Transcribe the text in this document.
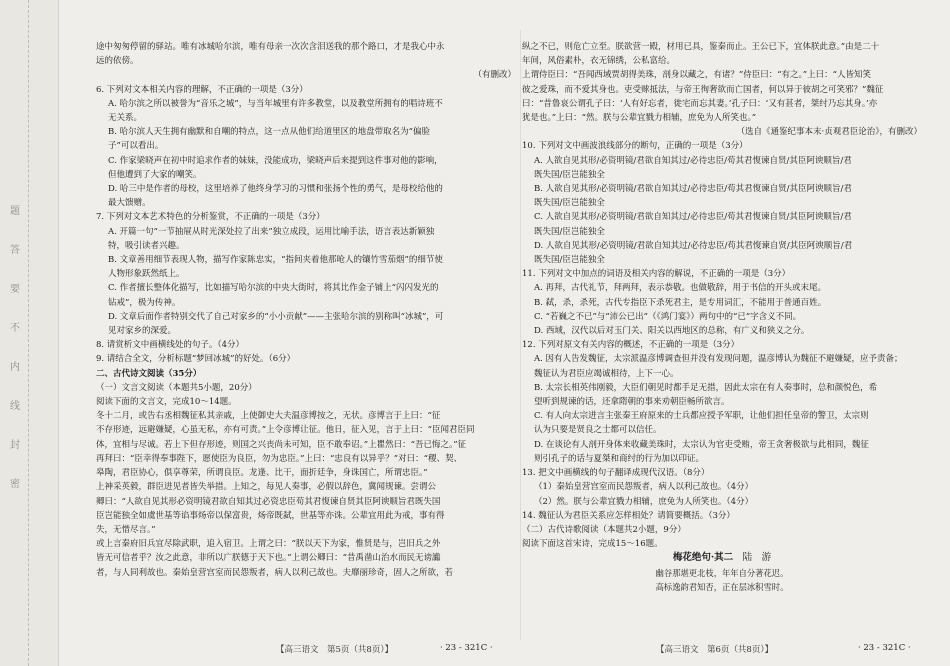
题
答
要
不
内
线
封
密

途中匆匆停留的驿站。唯有冰城哈尔滨，唯有母亲一次次含泪送我的那个路口，才是我心中永

远的依傍。

（有删改）

6. 下列对文本相关内容的理解，不正确的一项是（3分）

A. 哈尔滨之所以被誉为“音乐之城”，与当年城里有许多教堂，以及教堂所拥有的唱诗班不

无关系。

B. 哈尔滨人天生拥有幽默和自嘲的特点，这一点从他们给道里区的地盘带取名为“偏脸

子”可以看出。

C. 作家梁晓声在初中时追求作者的妹妹，没能成功，梁晓声后来提到这件事对他的影响，

但他遭到了大家的嘲笑。

D. 哈三中是作者的母校，这里培养了他终身学习的习惯和张扬个性的勇气，是母校给他的

最大馈赠。

7. 下列对文本艺术特色的分析鉴赏，不正确的一项是（3分）

A. 开篇一句“一节抽屉从时光深处拉了出来”独立成段，运用比喻手法，语言表达新颖独

特，吸引读者兴趣。

B. 文章善用细节表现人物，描写作家陈忠实，“指间夹着他那呛人的镶竹雪茄烟”的细节使

人物形象跃然纸上。

C. 作者擅长整体化描写，比如描写哈尔滨的中央大街时，将其比作金子铺上“闪闪发光的

钻戒”，极为传神。

D. 文章后面作者特别交代了自己对家乡的“小小贡献”——主张哈尔滨的别称叫“冰城”，可

见对家乡的深爱。

8. 请赏析文中画横线处的句子。（4分）

9. 请结合全文，分析标题“梦回冰城”的好处。（6分）

二、古代诗文阅读（35分）

（一）文言文阅读（本题共5小题，20分）

阅读下面的文言文，完成10～14题。

冬十二月，或告右丞相魏征私其亲戚，上使御史大夫温彦博按之，无状。彦博言于上曰：“征

不存形迹，远避嫌疑，心虽无私，亦有可责。”上令彦博让征。他日，征入见，言于上曰：“臣闻君臣同

体，宜相与尽诚。若上下但存形迹，则国之兴丧尚未可知，臣不敢奉诏。”上瞿然曰：“吾已悔之。”征

再拜曰：“臣幸得奉事陛下，愿使臣为良臣，勿为忠臣。”上曰：“忠良有以异乎？”对曰：“稷、契、

皋陶，君臣协心，俱享尊荣，所谓良臣。龙逢、比干，面折廷争，身诛国亡，所谓忠臣。”

上神采英毅，群臣进见者皆失举措。上知之，每见人奏事，必假以辞色，冀闻规谏。尝谓公

卿曰：“人欲自见其形必资明镜君欲自知其过必资忠臣苟其君愎谏自贤其臣阿谀顺旨君既失国

臣岂能独全如虞世基等谄事炀帝以保富贵，炀帝既弑，世基等亦诛。公辈宜用此为戒，事有得

失，无惜尽言。”

或上言秦府旧兵宜尽除武职，追入宿卫。上谓之曰：“朕以天下为家，惟贤是与，岂旧兵之外

皆无可信者乎？汝之此意，非所以广朕德于天下也。”上谓公卿曰：“昔禹凿山治水而民无谤讟

者，与人同利故也。秦始皇营宫室而民怨叛者，病人以利己故也。夫靡丽珍奇，固人之所欲，若

纵之不已，则危亡立至。朕欲营一殿，材用已具，鉴秦而止。王公已下，宜体朕此意。”由是二十

年间，风俗素朴，衣无锦绣，公私富给。

上谓侍臣曰：“吾闻西域贾胡得美珠，剖身以藏之，有诸？”侍臣曰：“有之。”上曰：“人皆知笑

彼之爱珠，而不爱其身也。吏受赇抵法，与帝王徇奢欲而亡国者，何以异于彼胡之可笑邪？”魏征

曰：“昔鲁哀公谓孔子曰：‘人有好忘者，徙宅而忘其妻。’孔子曰：‘又有甚者，桀纣乃忘其身。’亦

犹是也。”上曰：“然。朕与公辈宜戮力相辅，庶免为人所笑也。”

（选自《通鉴纪事本末·贞观君臣论治》，有删改）

10. 下列对文中画波浪线部分的断句，正确的一项是（3分）

A. 人欲自见其形/必资明镜/君欲自知其过/必待忠臣/苟其君愎谏自贤/其臣阿谀顺旨/君

既失国/臣岂能独全

B. 人欲自见其形/必资明镜/君欲自知其过/必待忠臣/苟其君愎谏自贤/其臣阿谀顺旨/君

既失国/臣岂能独全

C. 人欲自见其形/必资明镜/君欲自知其过/必待忠臣/苟其君愎谏自贤/其臣阿谀顺旨/君

既失国/臣岂能独全

D. 人欲自见其形/必资明镜/君欲自知其过/必待忠臣/苟其君愎谏自贤/其臣阿谀顺旨/君

既失国/臣岂能独全

11. 下列对文中加点的词语及相关内容的解说，不正确的一项是（3分）

A. 再拜，古代礼节，拜两拜，表示恭敬。也做敬辞，用于书信的开头或末尾。

B. 弑，杀，杀死，古代专指臣下杀死君主，是专用词汇，不能用于普通百姓。

C. “若巍之不已”与“沛公已出”（《鸿门宴》）两句中的“已”字含义不同。

D. 西域，汉代以后对玉门关、阳关以西地区的总称，有广义和狭义之分。

12. 下列对原文有关内容的概述，不正确的一项是（3分）

A. 因有人告发魏征，太宗派温彦博调查但并没有发现问题，温彦博认为魏征不避嫌疑，应予责备；

魏征认为君臣应竭诚相待，上下一心。

B. 太宗长相英伟刚毅，大臣们朝见时都手足无措，因此太宗在有人奏事时，总和颜悦色，希

望听到规谏的话，还拿隋朝的事来劝朝臣畅所欲言。

C. 有人向太宗进言主张秦王府原来的士兵都应授予军职，让他们担任皇帝的警卫，太宗则

认为只要是贤良之士都可以信任。

D. 在谈论有人剖开身体来收藏美珠时，太宗认为官吏受贿，帝王贪奢极欲与此相同，魏征

则引孔子的话与夏桀和商纣的行为加以印证。

13. 把文中画横线的句子翻译成现代汉语。（8分）

（1）秦始皇营宫室而民怨叛者，病人以利己故也。（4分）

（2）然。朕与公辈宜戮力相辅，庶免为人所笑也。（4分）

14. 魏征认为君臣关系应怎样相处？请简要概括。（3分）

（二）古代诗歌阅读（本题共2小题，9分）

阅读下面这首宋诗，完成15～16题。

梅花绝句·其二　陆　游

幽谷那堪更北枝，年年自分著花迟。

高标逸韵君知否，正在层冰积雪时。

【高三语文　第5页（共8页）】	· 23 - 321C ·	【高三语文　第6页（共8页）】	· 23 - 321C ·
